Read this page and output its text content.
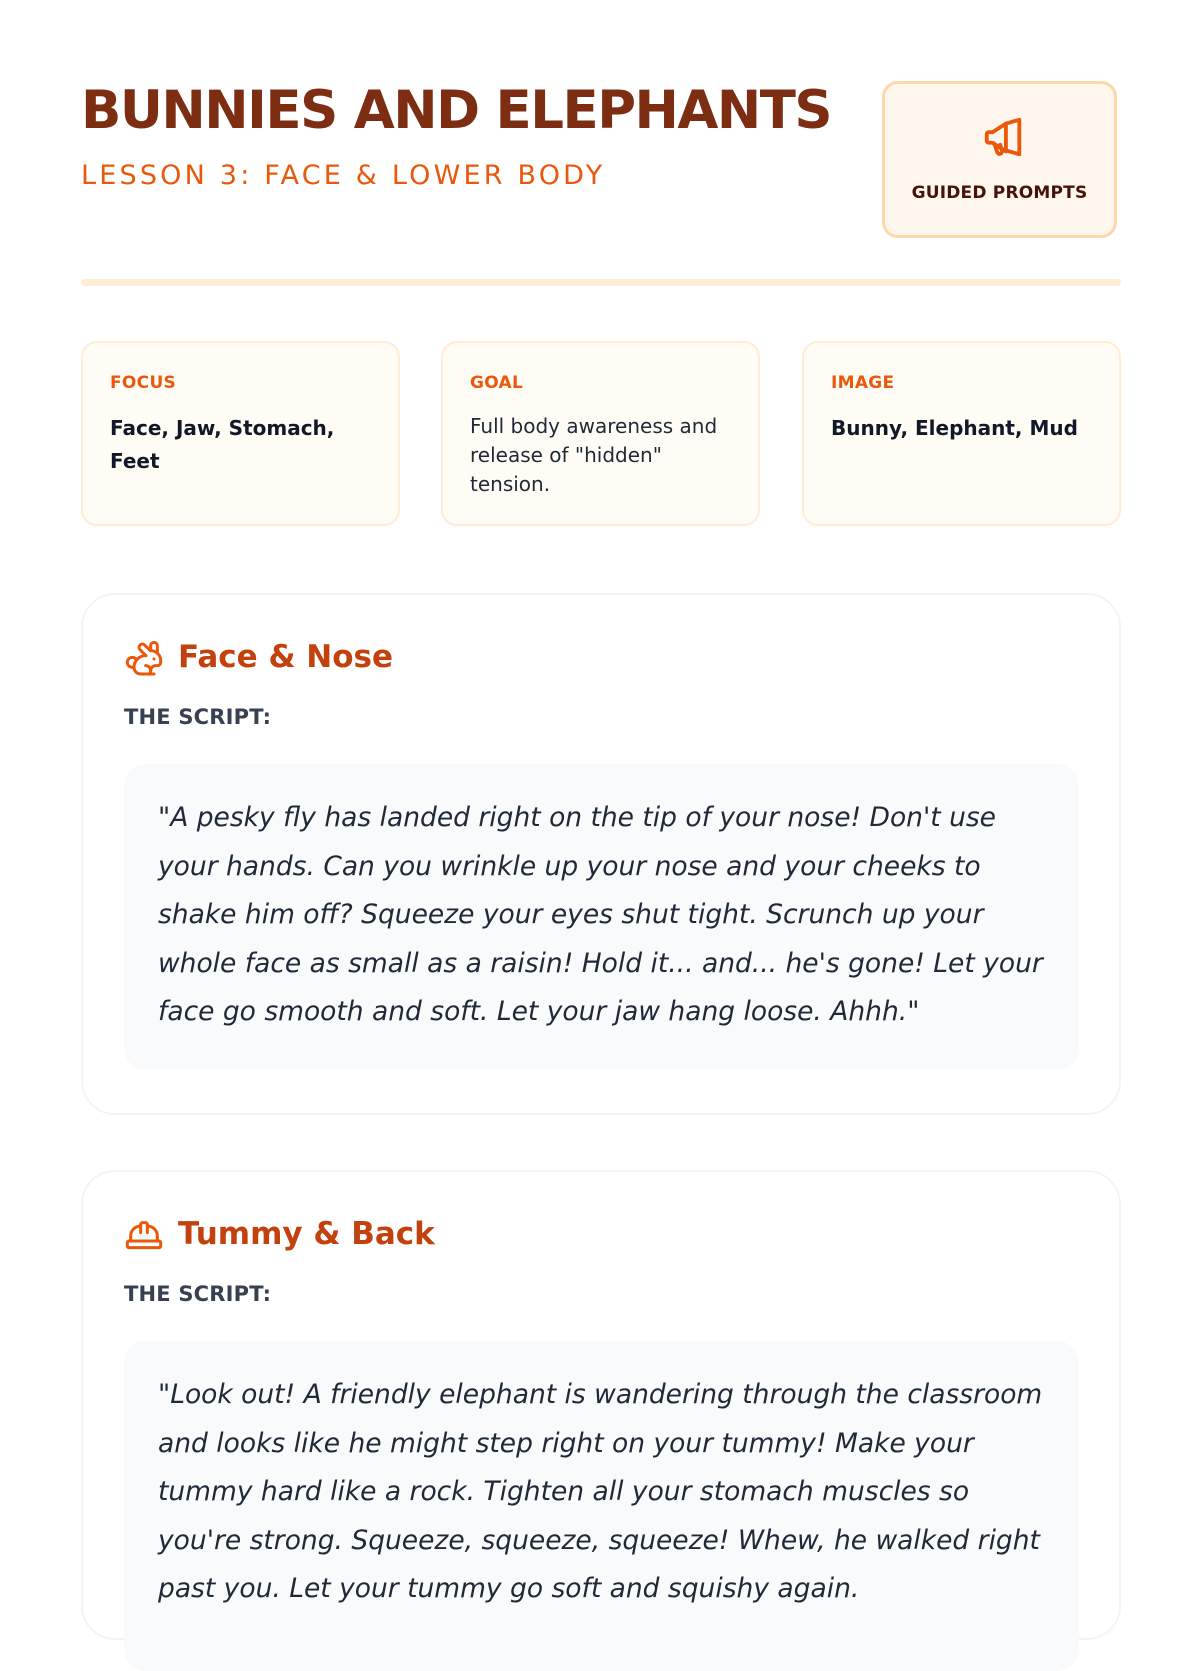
BUNNIES AND ELEPHANTS
LESSON 3: FACE & LOWER BODY
GUIDED PROMPTS
FOCUS
Face, Jaw, Stomach, Feet
GOAL
Full body awareness and release of "hidden" tension.
IMAGE
Bunny, Elephant, Mud
Face & Nose
THE SCRIPT:
"A pesky fly has landed right on the tip of your nose! Don't use your hands. Can you wrinkle up your nose and your cheeks to shake him off? Squeeze your eyes shut tight. Scrunch up your whole face as small as a raisin! Hold it... and... he's gone! Let your face go smooth and soft. Let your jaw hang loose. Ahhh."
Tummy & Back
THE SCRIPT:
"Look out! A friendly elephant is wandering through the classroom and looks like he might step right on your tummy! Make your tummy hard like a rock. Tighten all your stomach muscles so you're strong. Squeeze, squeeze, squeeze! Whew, he walked right past you. Let your tummy go soft and squishy again.
